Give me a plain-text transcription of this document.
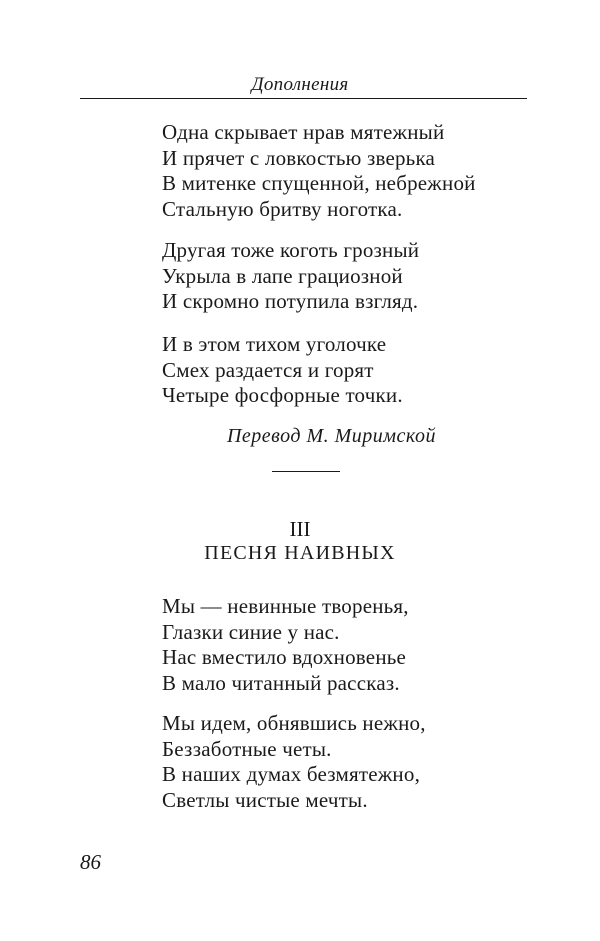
Дополнения
Одна скрывает нрав мятежный
И прячет с ловкостью зверька
В митенке спущенной, небрежной
Стальную бритву ноготка.
Другая тоже коготь грозный
Укрыла в лапе грациозной
И скромно потупила взгляд.
И в этом тихом уголочке
Смех раздается и горят
Четыре фосфорные точки.
Перевод М. Миримской
III
ПЕСНЯ НАИВНЫХ
Мы — невинные творенья,
Глазки синие у нас.
Нас вместило вдохновенье
В мало читанный рассказ.
Мы идем, обнявшись нежно,
Беззаботные четы.
В наших думах безмятежно,
Светлы чистые мечты.
86
